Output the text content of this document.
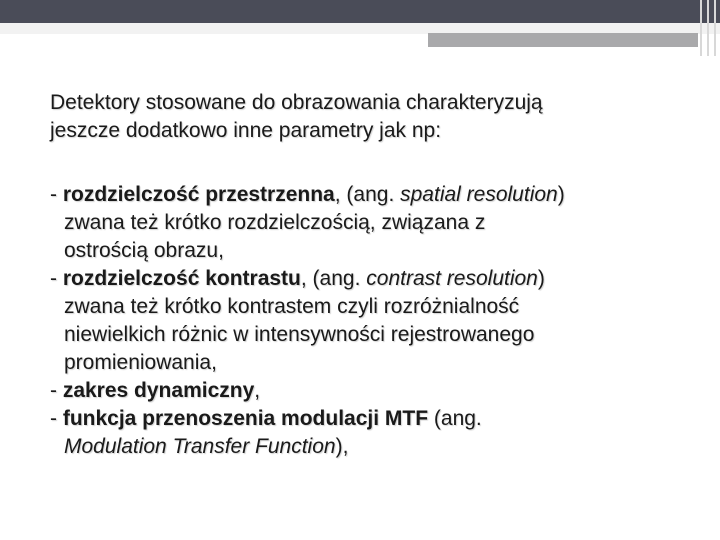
Detektory stosowane do obrazowania charakteryzują
jeszcze dodatkowo inne parametry jak np:

- rozdzielczość przestrzenna, (ang. spatial resolution)
zwana też krótko rozdzielczością, związana z
ostrością obrazu,
- rozdzielczość kontrastu, (ang. contrast resolution)
zwana też krótko kontrastem czyli rozróżnialność
niewielkich różnic w intensywności rejestrowanego
promieniowania,
- zakres dynamiczny,
- funkcja przenoszenia modulacji MTF (ang.
Modulation Transfer Function),
